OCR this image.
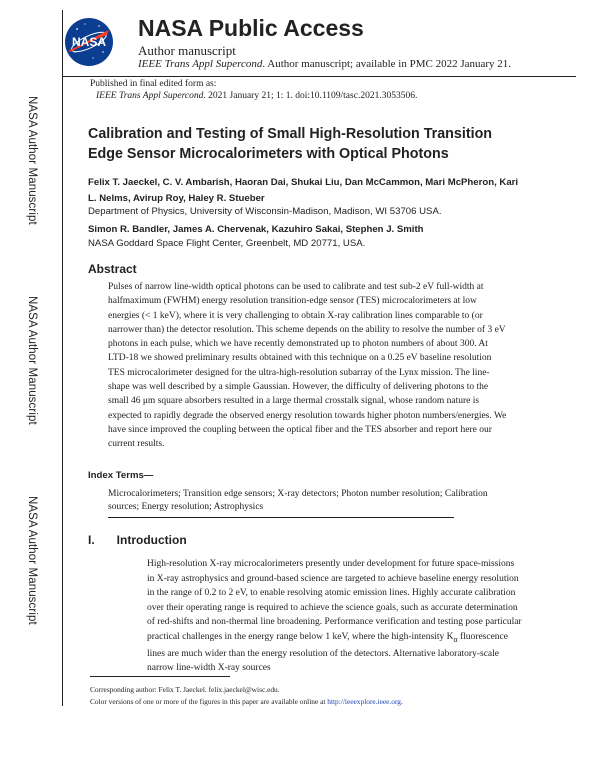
NASA Author Manuscript
NASA Author Manuscript
NASA Author Manuscript
NASA
NASA Public Access
Author manuscript
IEEE Trans Appl Supercond. Author manuscript; available in PMC 2022 January 21.
Published in final edited form as:
IEEE Trans Appl Supercond. 2021 January 21; 1: 1. doi:10.1109/tasc.2021.3053506.
Calibration and Testing of Small High-Resolution Transition Edge Sensor Microcalorimeters with Optical Photons
Felix T. Jaeckel, C. V. Ambarish, Haoran Dai, Shukai Liu, Dan McCammon, Mari McPheron, Kari L. Nelms, Avirup Roy, Haley R. Stueber
Department of Physics, University of Wisconsin-Madison, Madison, WI 53706 USA.
Simon R. Bandler, James A. Chervenak, Kazuhiro Sakai, Stephen J. Smith
NASA Goddard Space Flight Center, Greenbelt, MD 20771, USA.
Abstract

Pulses of narrow line-width optical photons can be used to calibrate and test sub-2 eV full-width at halfmaximum (FWHM) energy resolution transition-edge sensor (TES) microcalorimeters at low energies (< 1 keV), where it is very challenging to obtain X-ray calibration lines comparable to (or narrower than) the detector resolution. This scheme depends on the ability to resolve the number of 3 eV photons in each pulse, which we have recently demonstrated up to photon numbers of about 300. At LTD-18 we showed preliminary results obtained with this technique on a 0.25 eV baseline resolution TES microcalorimeter designed for the ultra-high-resolution subarray of the Lynx mission. The line-shape was well described by a simple Gaussian. However, the difficulty of delivering photons to the small 46 μm square absorbers resulted in a large thermal crosstalk signal, whose random nature is expected to rapidly degrade the observed energy resolution towards higher photon numbers/energies. We have since improved the coupling between the optical fiber and the TES absorber and report here our current results.

Index Terms—
Microcalorimeters; Transition edge sensors; X-ray detectors; Photon number resolution; Calibration sources; Energy resolution; Astrophysics
I. Introduction

High-resolution X-ray microcalorimeters presently under development for future space-missions in X-ray astrophysics and ground-based science are targeted to achieve baseline energy resolution in the range of 0.2 to 2 eV, to enable resolving atomic emission lines. Highly accurate calibration over their operating range is required to achieve the science goals, such as accurate determination of red-shifts and non-thermal line broadening. Performance verification and testing pose particular practical challenges in the energy range below 1 keV, where the high-intensity $K_\alpha$ fluorescence lines are much wider than the energy resolution of the detectors. Alternative laboratory-scale narrow line-width X-ray sources

Corresponding author: Felix T. Jaeckel. felix.jaeckel@wisc.edu.
Color versions of one or more of the figures in this paper are available online at http://ieeexplore.ieee.org.
